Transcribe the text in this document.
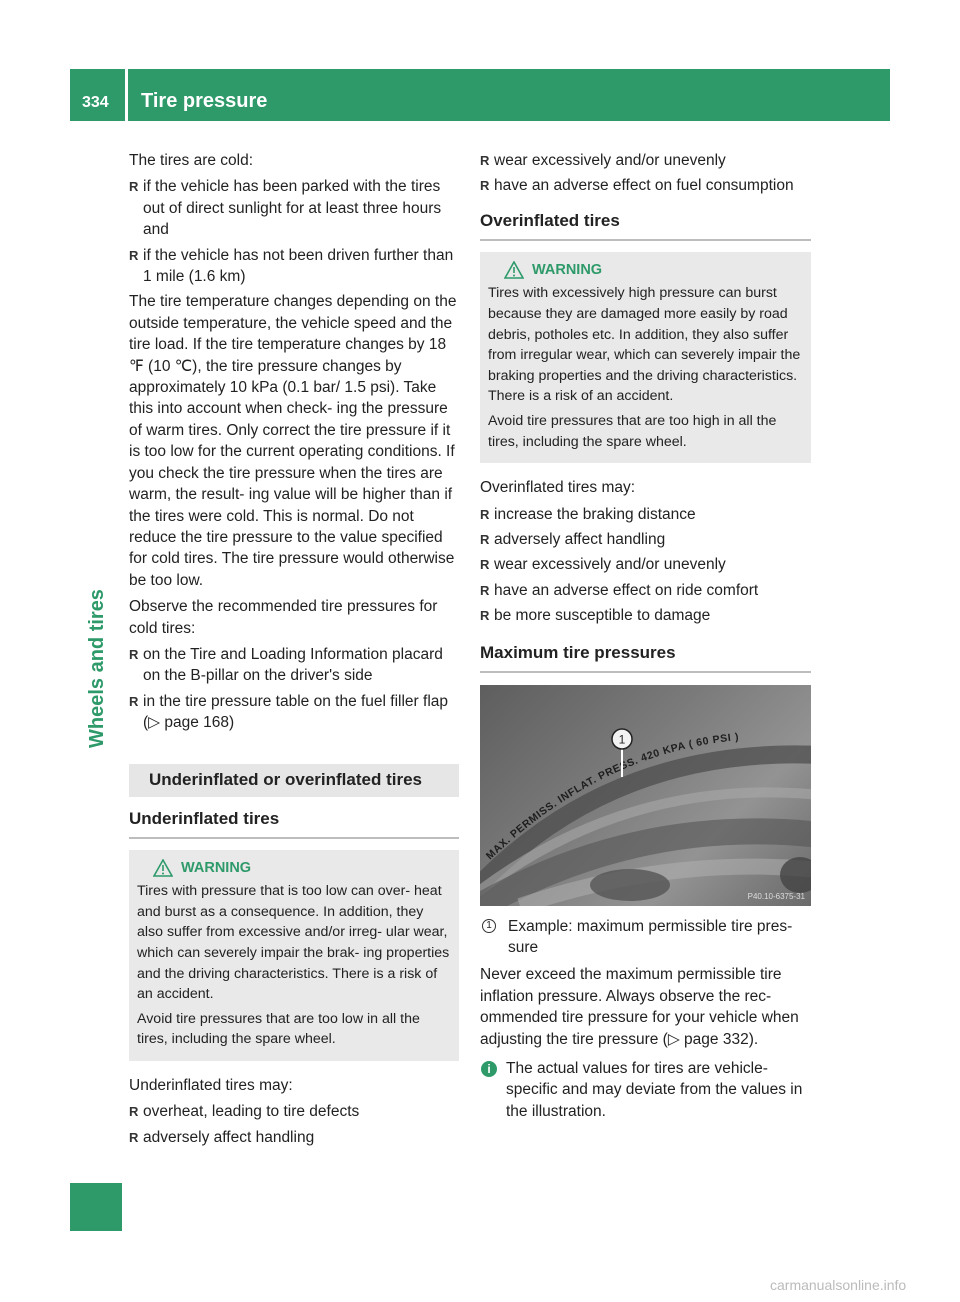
334 Tire pressure
Wheels and tires

The tires are cold:

R if the vehicle has been parked with the tires out of direct sunlight for at least three hours and
R if the vehicle has not been driven further than 1 mile (1.6 km)

The tire temperature changes depending on the outside temperature, the vehicle speed and the tire load. If the tire temperature changes by 18 ℉ (10 ℃), the tire pressure changes by approximately 10 kPa (0.1 bar/ 1.5 psi). Take this into account when check- ing the pressure of warm tires. Only correct the tire pressure if it is too low for the current operating conditions. If you check the tire pressure when the tires are warm, the result- ing value will be higher than if the tires were cold. This is normal. Do not reduce the tire pressure to the value specified for cold tires. The tire pressure would otherwise be too low.

Observe the recommended tire pressures for cold tires:

R on the Tire and Loading Information placard on the B-pillar on the driver's side
R in the tire pressure table on the fuel filler flap (▷ page 168)
Underinflated or overinflated tires
Underinflated tires
WARNING

Tires with pressure that is too low can over- heat and burst as a consequence. In addition, they also suffer from excessive and/or irreg- ular wear, which can severely impair the brak- ing properties and the driving characteristics. There is a risk of an accident.

Avoid tire pressures that are too low in all the tires, including the spare wheel.

Underinflated tires may:

R overheat, leading to tire defects
R adversely affect handling
R wear excessively and/or unevenly
R have an adverse effect on fuel consumption
Overinflated tires
WARNING

Tires with excessively high pressure can burst because they are damaged more easily by road debris, potholes etc. In addition, they also suffer from irregular wear, which can severely impair the braking properties and the driving characteristics. There is a risk of an accident.

Avoid tire pressures that are too high in all the tires, including the spare wheel.

Overinflated tires may:

R increase the braking distance
R adversely affect handling
R wear excessively and/or unevenly
R have an adverse effect on ride comfort
R be more susceptible to damage
Maximum tire pressures
MAX. PERMISS. INFLAT. PRESS. 420 KPA ( 60 PSI )
1
P40.10-6375-31
1 Example: maximum permissible tire pres- sure

Never exceed the maximum permissible tire inflation pressure. Always observe the rec- ommended tire pressure for your vehicle when adjusting the tire pressure (▷ page 332).

i The actual values for tires are vehicle- specific and may deviate from the values in the illustration.
carmanualsonline.info
